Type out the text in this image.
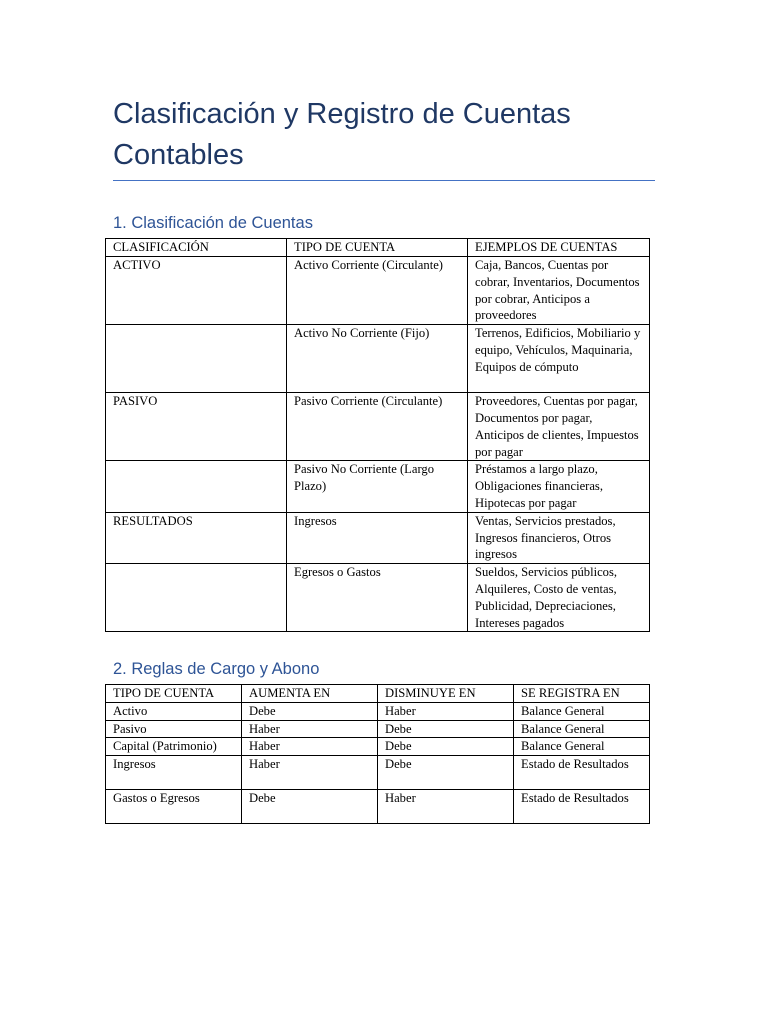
Clasificación y Registro de Cuentas Contables
1. Clasificación de Cuentas
CLASIFICACIÓN	TIPO DE CUENTA	EJEMPLOS DE CUENTAS
ACTIVO	Activo Corriente (Circulante)	Caja, Bancos, Cuentas por cobrar, Inventarios, Documentos por cobrar, Anticipos a proveedores
	Activo No Corriente (Fijo)	Terrenos, Edificios, Mobiliario y equipo, Vehículos, Maquinaria, Equipos de cómputo
PASIVO	Pasivo Corriente (Circulante)	Proveedores, Cuentas por pagar, Documentos por pagar, Anticipos de clientes, Impuestos por pagar
	Pasivo No Corriente (Largo Plazo)	Préstamos a largo plazo, Obligaciones financieras, Hipotecas por pagar
RESULTADOS	Ingresos	Ventas, Servicios prestados, Ingresos financieros, Otros ingresos
	Egresos o Gastos	Sueldos, Servicios públicos, Alquileres, Costo de ventas, Publicidad, Depreciaciones, Intereses pagados
2. Reglas de Cargo y Abono
TIPO DE CUENTA	AUMENTA EN	DISMINUYE EN	SE REGISTRA EN
Activo	Debe	Haber	Balance General
Pasivo	Haber	Debe	Balance General
Capital (Patrimonio)	Haber	Debe	Balance General
Ingresos	Haber	Debe	Estado de Resultados
Gastos o Egresos	Debe	Haber	Estado de Resultados
